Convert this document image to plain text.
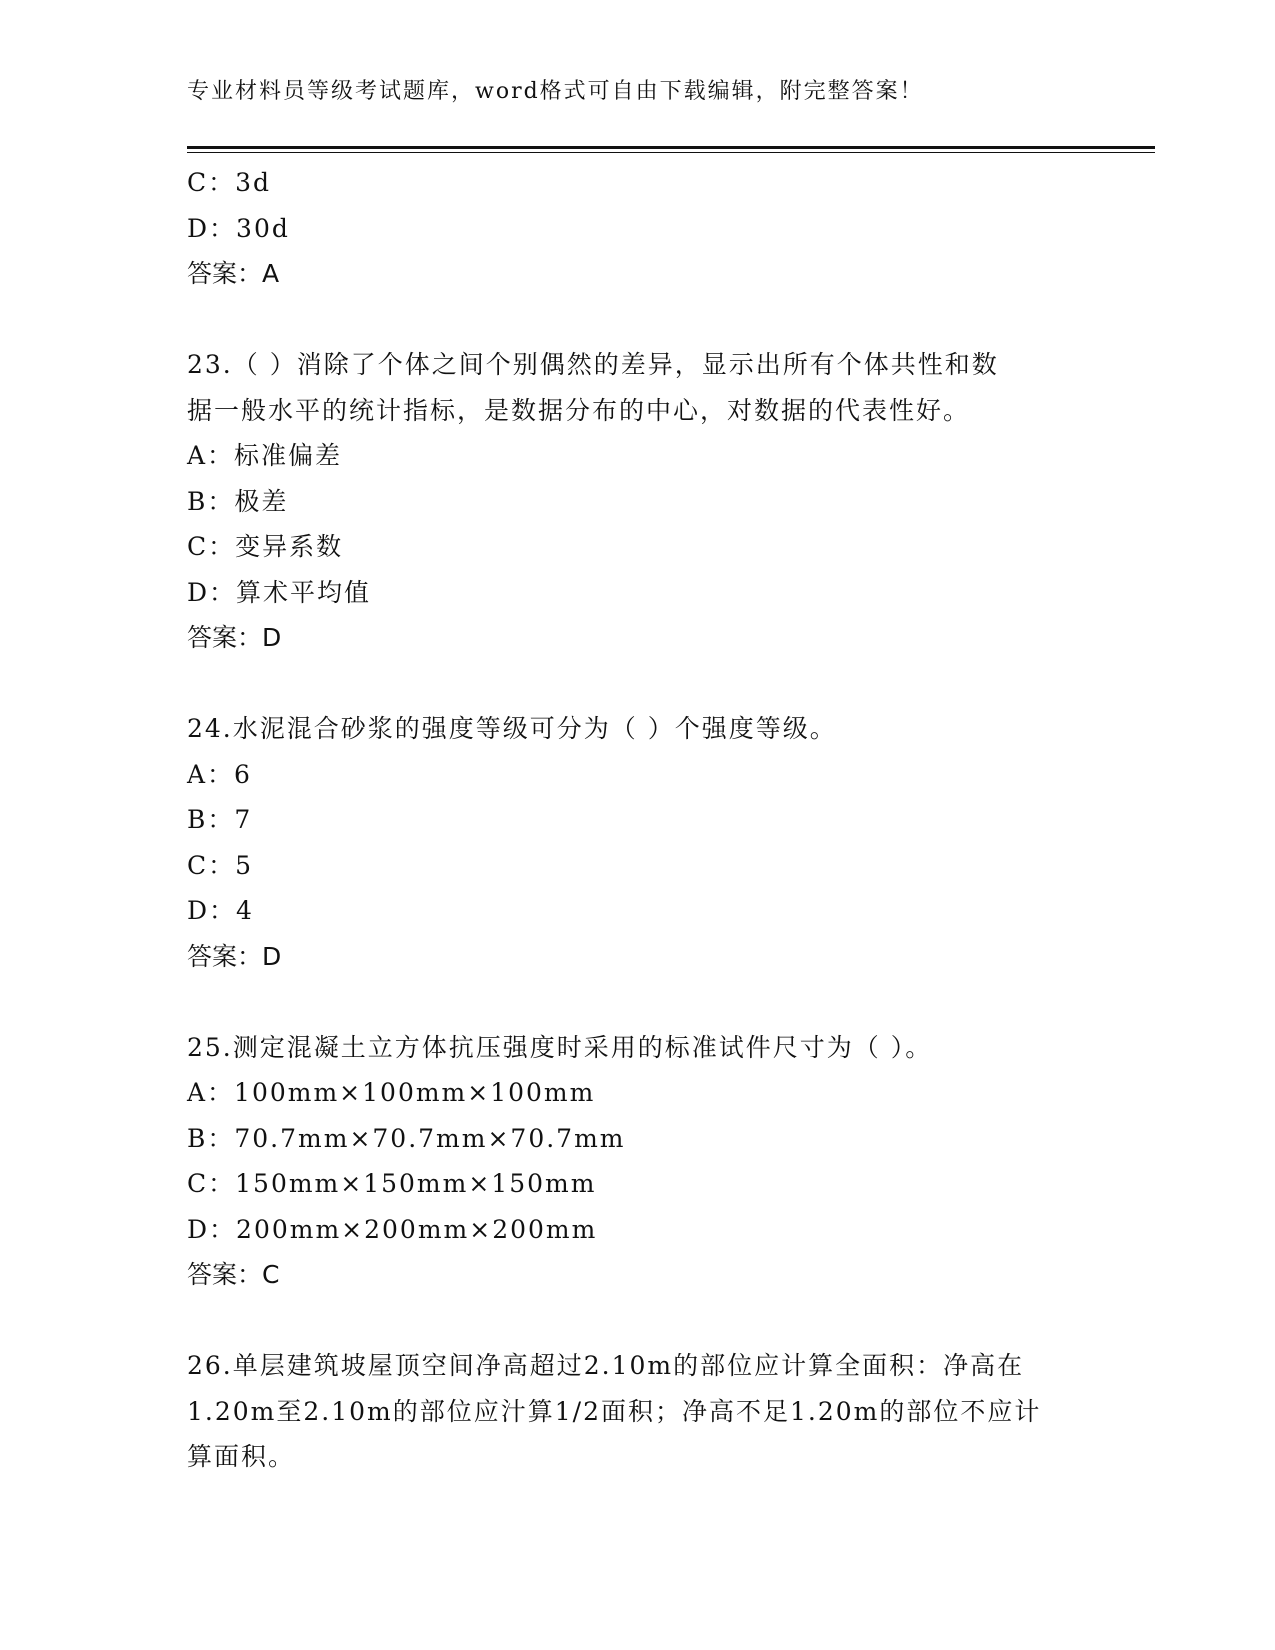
专业材料员等级考试题库，word格式可自由下载编辑，附完整答案！
C：3d
D：30d
答案：A
23.（ ）消除了个体之间个别偶然的差异，显示出所有个体共性和数
据一般水平的统计指标，是数据分布的中心，对数据的代表性好。
A：标准偏差
B：极差
C：变异系数
D：算术平均值
答案：D
24.水泥混合砂浆的强度等级可分为（ ）个强度等级。
A：6
B：7
C：5
D：4
答案：D
25.测定混凝土立方体抗压强度时采用的标准试件尺寸为（ ）。
A：100mm×100mm×100mm
B：70.7mm×70.7mm×70.7mm
C：150mm×150mm×150mm
D：200mm×200mm×200mm
答案：C
26.单层建筑坡屋顶空间净高超过2.10m的部位应计算全面积：净高在
1.20m至2.10m的部位应汁算1/2面积；净高不足1.20m的部位不应计
算面积。
